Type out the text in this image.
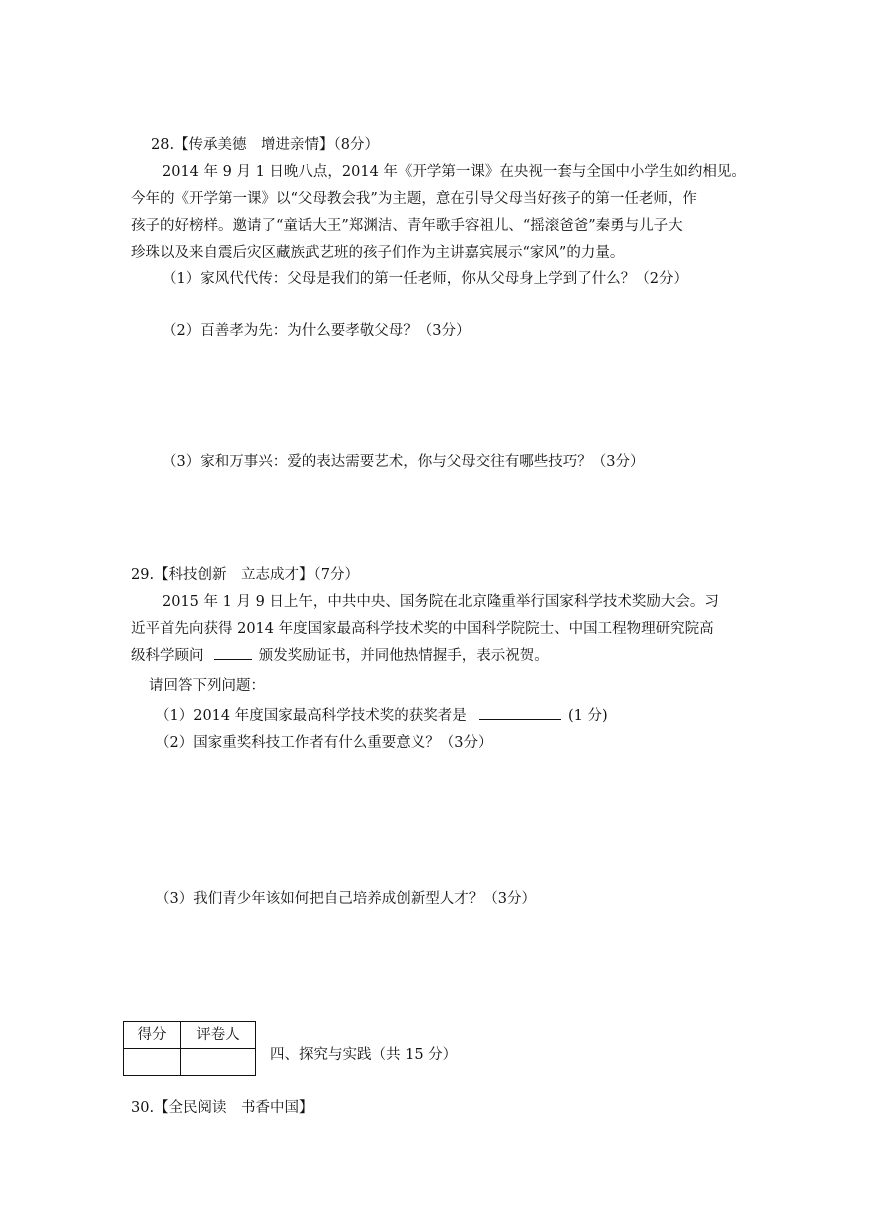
28.【传承美德　增进亲情】（8分）
2014 年 9 月 1 日晚八点，2014 年《开学第一课》在央视一套与全国中小学生如约相见。
今年的《开学第一课》以“父母教会我”为主题，意在引导父母当好孩子的第一任老师，作
孩子的好榜样。邀请了“童话大王”郑渊洁、青年歌手容祖儿、“摇滚爸爸”秦勇与儿子大
珍珠以及来自震后灾区藏族武艺班的孩子们作为主讲嘉宾展示“家风”的力量。
（1）家风代代传：父母是我们的第一任老师，你从父母身上学到了什么？（2分）
（2）百善孝为先：为什么要孝敬父母？（3分）
（3）家和万事兴：爱的表达需要艺术，你与父母交往有哪些技巧？（3分）
29.【科技创新　立志成才】（7分）
2015 年 1 月 9 日上午，中共中央、国务院在北京隆重举行国家科学技术奖励大会。习
近平首先向获得 2014 年度国家最高科学技术奖的中国科学院院士、中国工程物理研究院高
级科学顾问	颁发奖励证书，并同他热情握手，表示祝贺。
请回答下列问题：
（1）2014 年度国家最高科学技术奖的获奖者是	(1 分)
（2）国家重奖科技工作者有什么重要意义？（3分）
（3）我们青少年该如何把自己培养成创新型人才？（3分）
得分	评卷人

四、探究与实践（共 15 分）
30.【全民阅读　书香中国】
